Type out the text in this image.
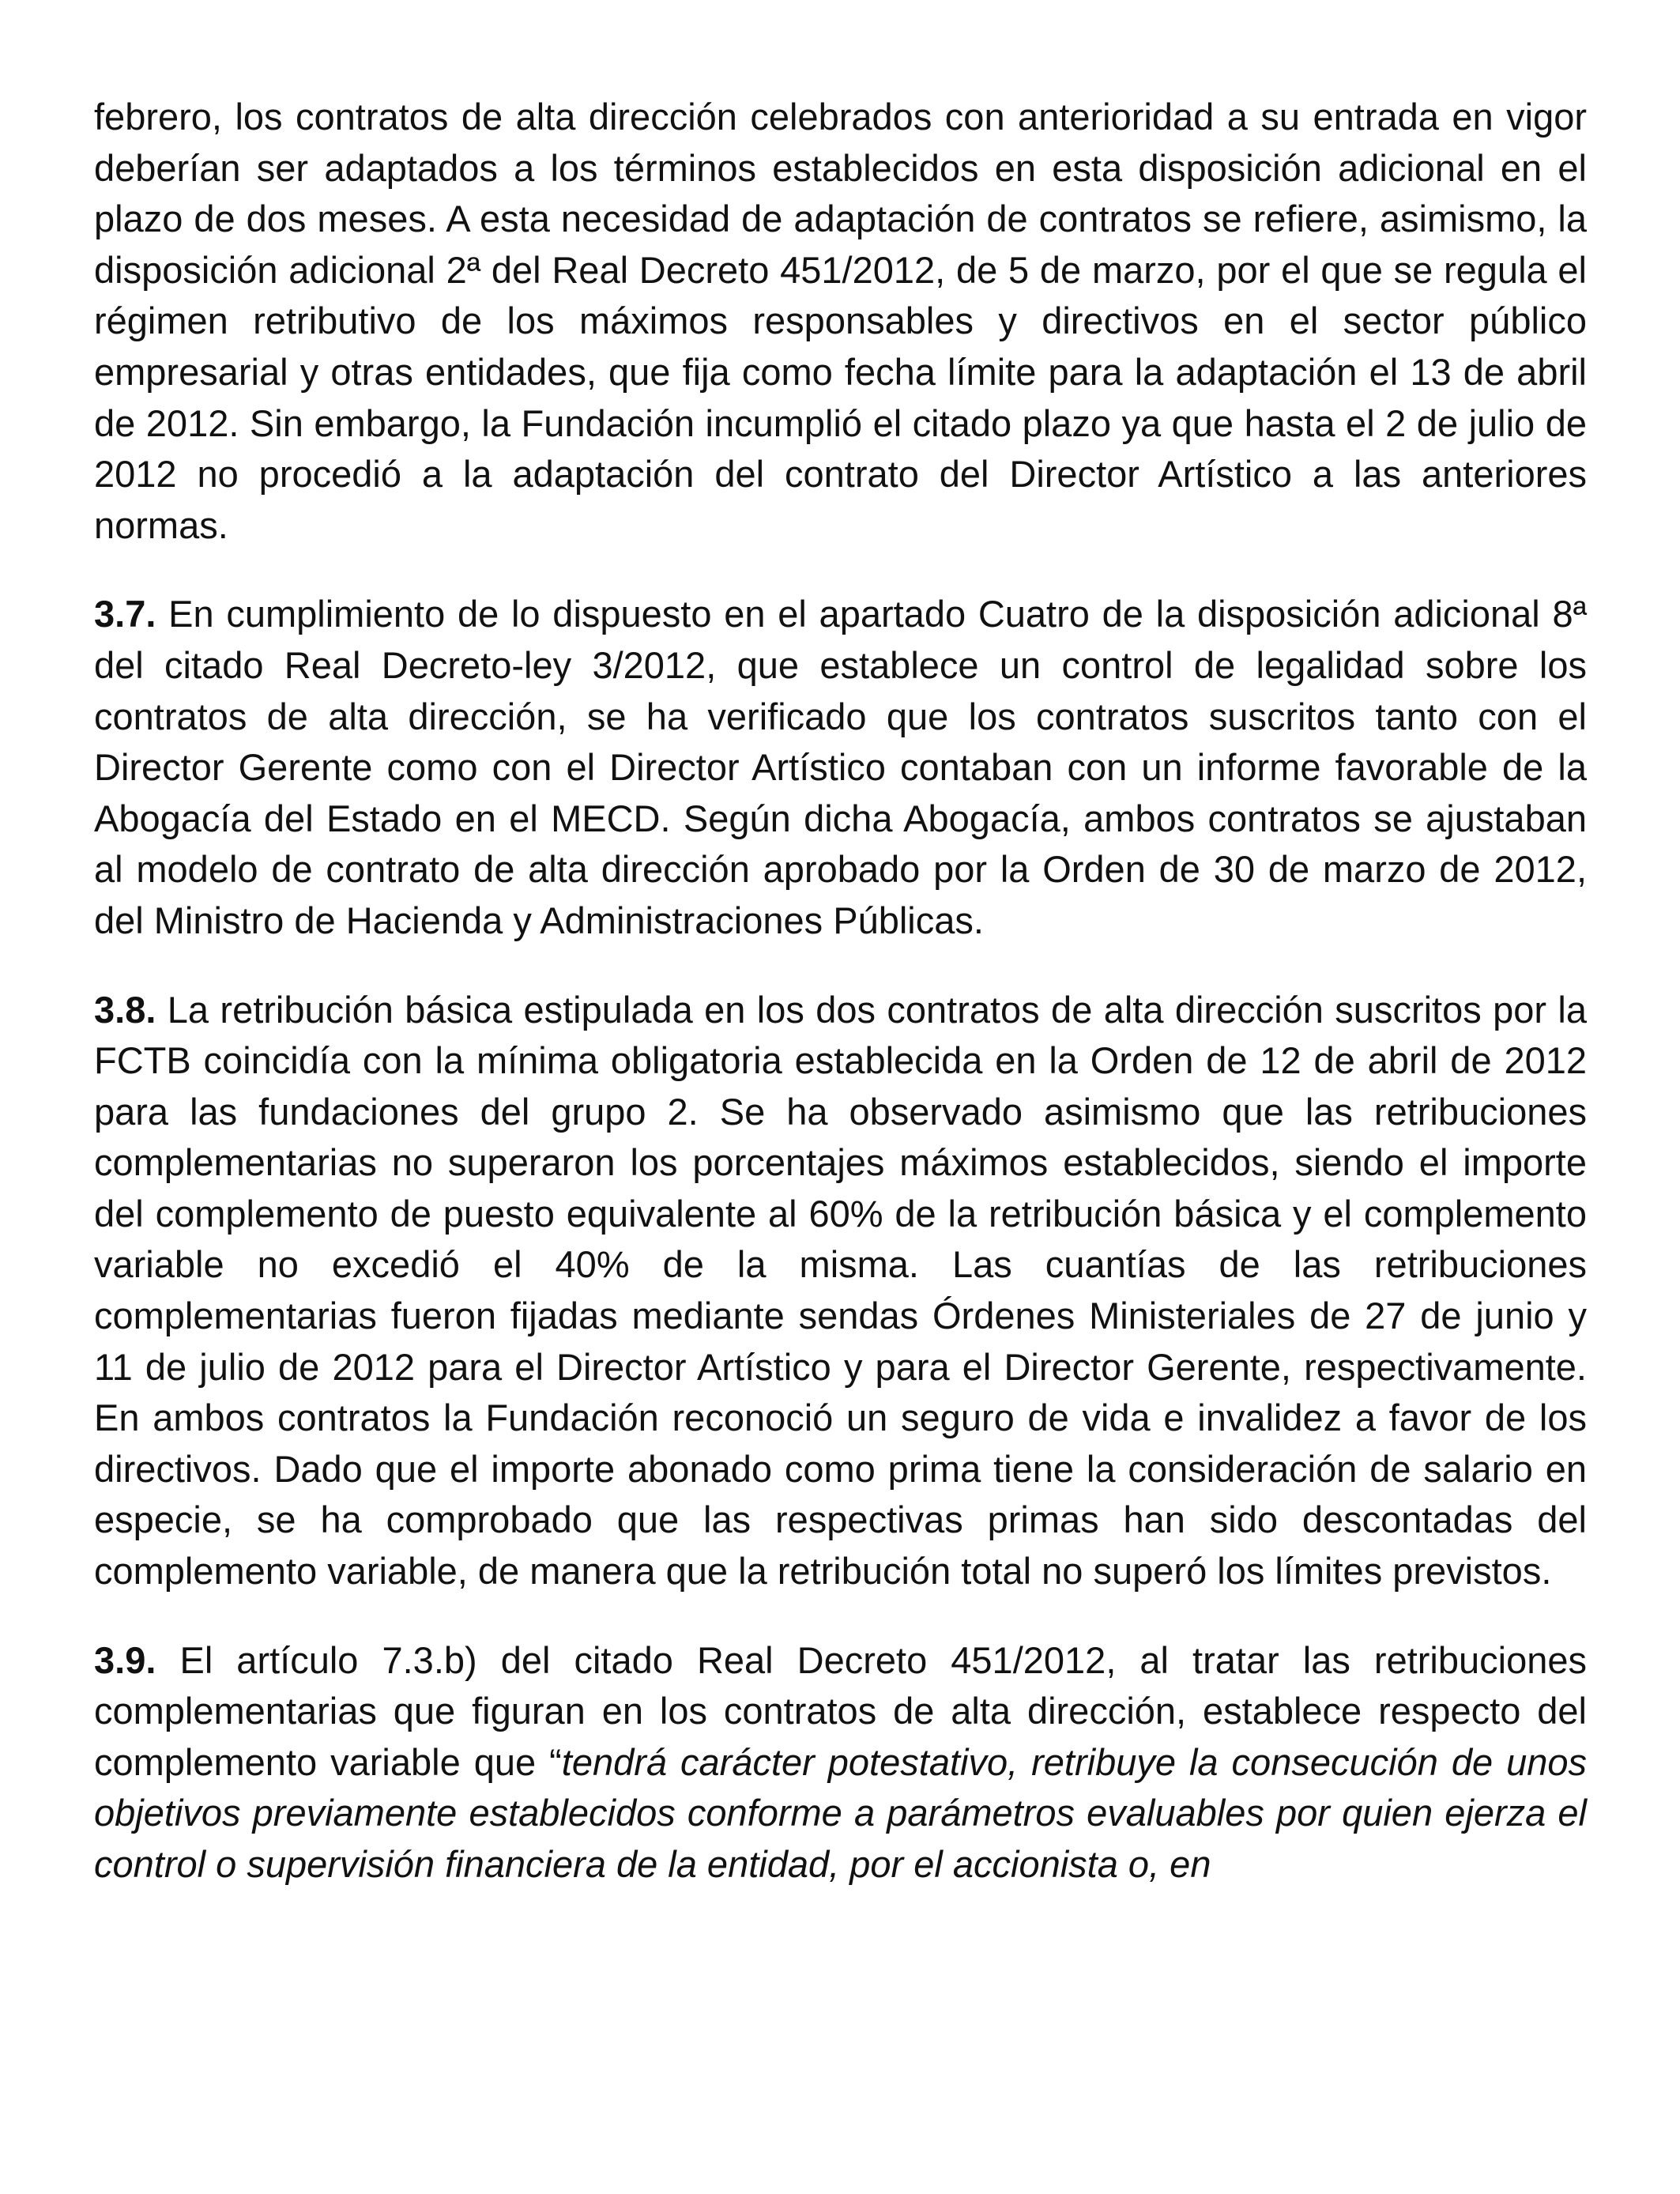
febrero, los contratos de alta dirección celebrados con anterioridad a su entrada en vigor deberían ser adaptados a los términos establecidos en esta disposición adicional en el plazo de dos meses. A esta necesidad de adaptación de contratos se refiere, asimismo, la disposición adicional 2ª del Real Decreto 451/2012, de 5 de marzo, por el que se regula el régimen retributivo de los máximos responsables y directivos en el sector público empresarial y otras entidades, que fija como fecha límite para la adaptación el 13 de abril de 2012. Sin embargo, la Fundación incumplió el citado plazo ya que hasta el 2 de julio de 2012 no procedió a la adaptación del contrato del Director Artístico a las anteriores normas.

3.7. En cumplimiento de lo dispuesto en el apartado Cuatro de la disposición adicional 8ª del citado Real Decreto-ley 3/2012, que establece un control de legalidad sobre los contratos de alta dirección, se ha verificado que los contratos suscritos tanto con el Director Gerente como con el Director Artístico contaban con un informe favorable de la Abogacía del Estado en el MECD. Según dicha Abogacía, ambos contratos se ajustaban al modelo de contrato de alta dirección aprobado por la Orden de 30 de marzo de 2012, del Ministro de Hacienda y Administraciones Públicas.

3.8. La retribución básica estipulada en los dos contratos de alta dirección suscritos por la FCTB coincidía con la mínima obligatoria establecida en la Orden de 12 de abril de 2012 para las fundaciones del grupo 2. Se ha observado asimismo que las retribuciones complementarias no superaron los porcentajes máximos establecidos, siendo el importe del complemento de puesto equivalente al 60% de la retribución básica y el complemento variable no excedió el 40% de la misma. Las cuantías de las retribuciones complementarias fueron fijadas mediante sendas Órdenes Ministeriales de 27 de junio y 11 de julio de 2012 para el Director Artístico y para el Director Gerente, respectivamente. En ambos contratos la Fundación reconoció un seguro de vida e invalidez a favor de los directivos. Dado que el importe abonado como prima tiene la consideración de salario en especie, se ha comprobado que las respectivas primas han sido descontadas del complemento variable, de manera que la retribución total no superó los límites previstos.

3.9. El artículo 7.3.b) del citado Real Decreto 451/2012, al tratar las retribuciones complementarias que figuran en los contratos de alta dirección, establece respecto del complemento variable que “tendrá carácter potestativo, retribuye la consecución de unos objetivos previamente establecidos conforme a parámetros evaluables por quien ejerza el control o supervisión financiera de la entidad, por el accionista o, en
